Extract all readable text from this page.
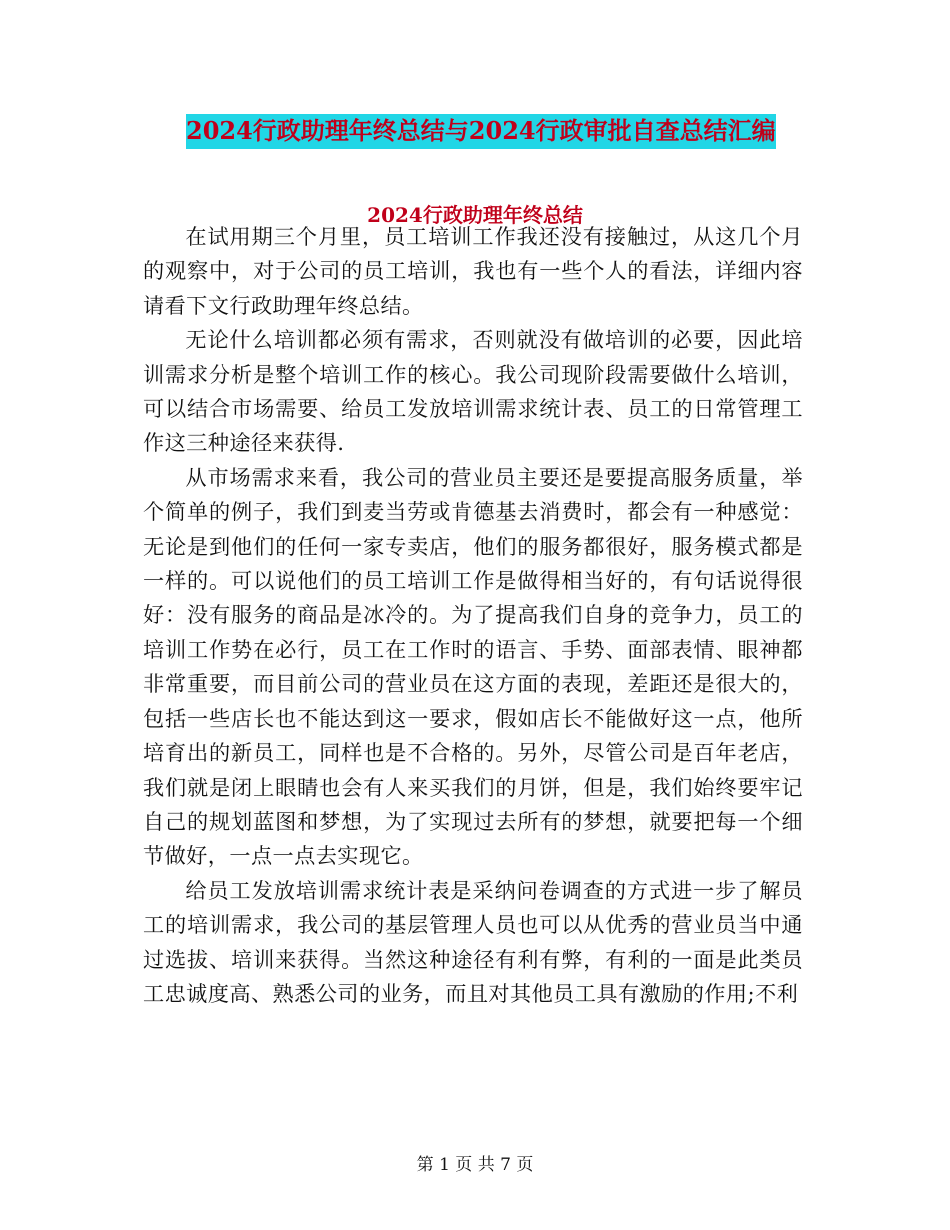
2024行政助理年终总结与2024行政审批自查总结汇编
2024行政助理年终总结

在试用期三个月里，员工培训工作我还没有接触过，从这几个月的观察中，对于公司的员工培训，我也有一些个人的看法，详细内容请看下文行政助理年终总结。

无论什么培训都必须有需求，否则就没有做培训的必要，因此培训需求分析是整个培训工作的核心。我公司现阶段需要做什么培训，可以结合市场需要、给员工发放培训需求统计表、员工的日常管理工作这三种途径来获得.

从市场需求来看，我公司的营业员主要还是要提高服务质量，举个简单的例子，我们到麦当劳或肯德基去消费时，都会有一种感觉：无论是到他们的任何一家专卖店，他们的服务都很好，服务模式都是一样的。可以说他们的员工培训工作是做得相当好的，有句话说得很好：没有服务的商品是冰冷的。为了提高我们自身的竞争力，员工的培训工作势在必行，员工在工作时的语言、手势、面部表情、眼神都非常重要，而目前公司的营业员在这方面的表现，差距还是很大的，包括一些店长也不能达到这一要求，假如店长不能做好这一点，他所培育出的新员工，同样也是不合格的。另外，尽管公司是百年老店，我们就是闭上眼睛也会有人来买我们的月饼，但是，我们始终要牢记自己的规划蓝图和梦想，为了实现过去所有的梦想，就要把每一个细节做好，一点一点去实现它。

给员工发放培训需求统计表是采纳问卷调查的方式进一步了解员工的培训需求，我公司的基层管理人员也可以从优秀的营业员当中通过选拔、培训来获得。当然这种途径有利有弊，有利的一面是此类员工忠诚度高、熟悉公司的业务，而且对其他员工具有激励的作用;不利

第 1 页 共 7 页
